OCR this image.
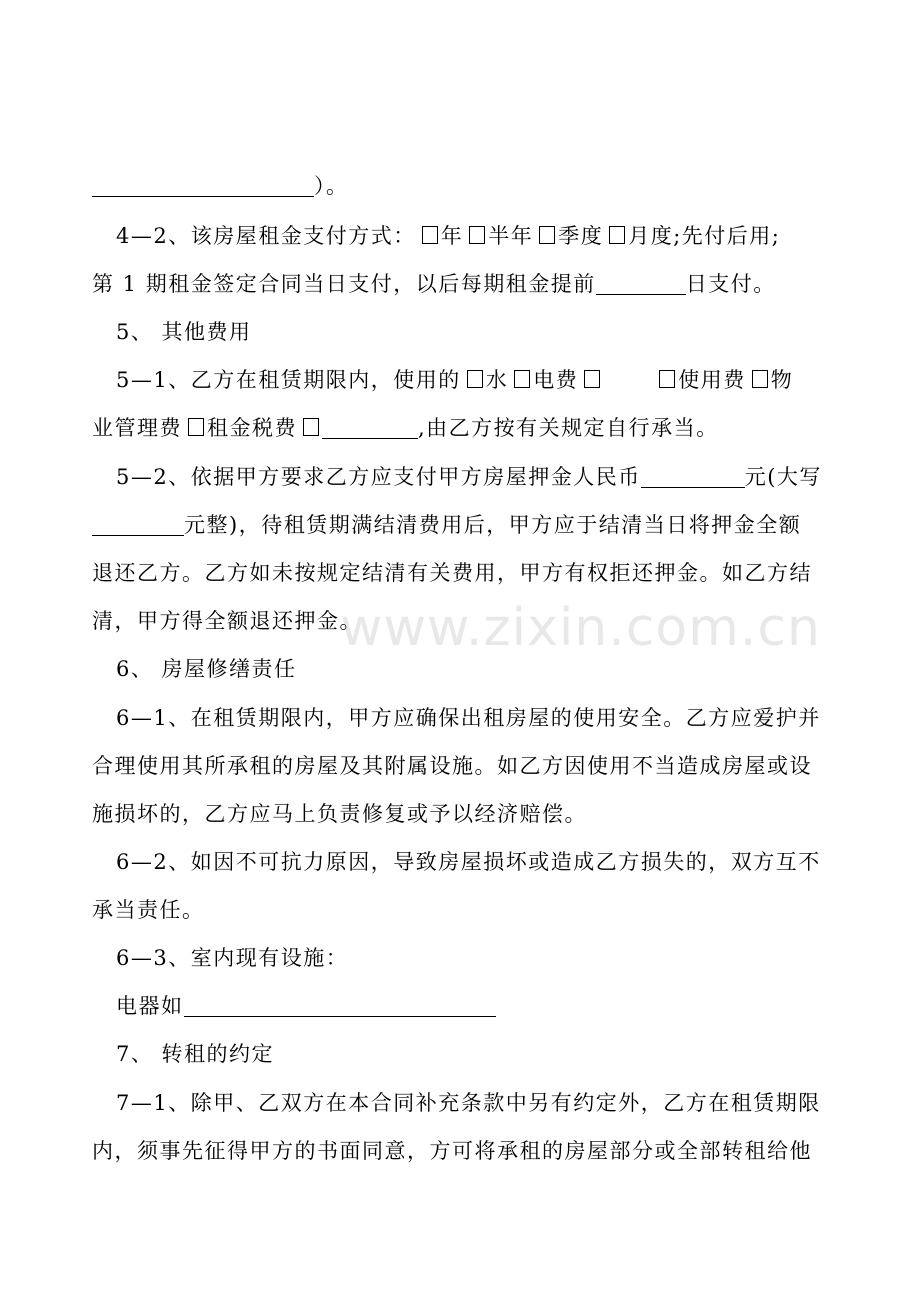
www.zixin.com.cn
）。
4—2、该房屋租金支付方式： 年 半年 季度 月度;先付后用;
第 1 期租金签定合同当日支付，以后每期租金提前	日支付。
5、 其他费用
5—1、乙方在租赁期限内，使用的 水 电费	使用费 物
业管理费 租金税费	,由乙方按有关规定自行承当。
5—2、依据甲方要求乙方应支付甲方房屋押金人民币	元(大写
元整)，待租赁期满结清费用后，甲方应于结清当日将押金全额
退还乙方。乙方如未按规定结清有关费用，甲方有权拒还押金。如乙方结
清，甲方得全额退还押金。
6、 房屋修缮责任
6—1、在租赁期限内，甲方应确保出租房屋的使用安全。乙方应爱护并
合理使用其所承租的房屋及其附属设施。如乙方因使用不当造成房屋或设
施损坏的，乙方应马上负责修复或予以经济赔偿。
6—2、如因不可抗力原因，导致房屋损坏或造成乙方损失的，双方互不
承当责任。
6—3、室内现有设施：
电器如
7、 转租的约定
7—1、除甲、乙双方在本合同补充条款中另有约定外，乙方在租赁期限
内，须事先征得甲方的书面同意，方可将承租的房屋部分或全部转租给他
